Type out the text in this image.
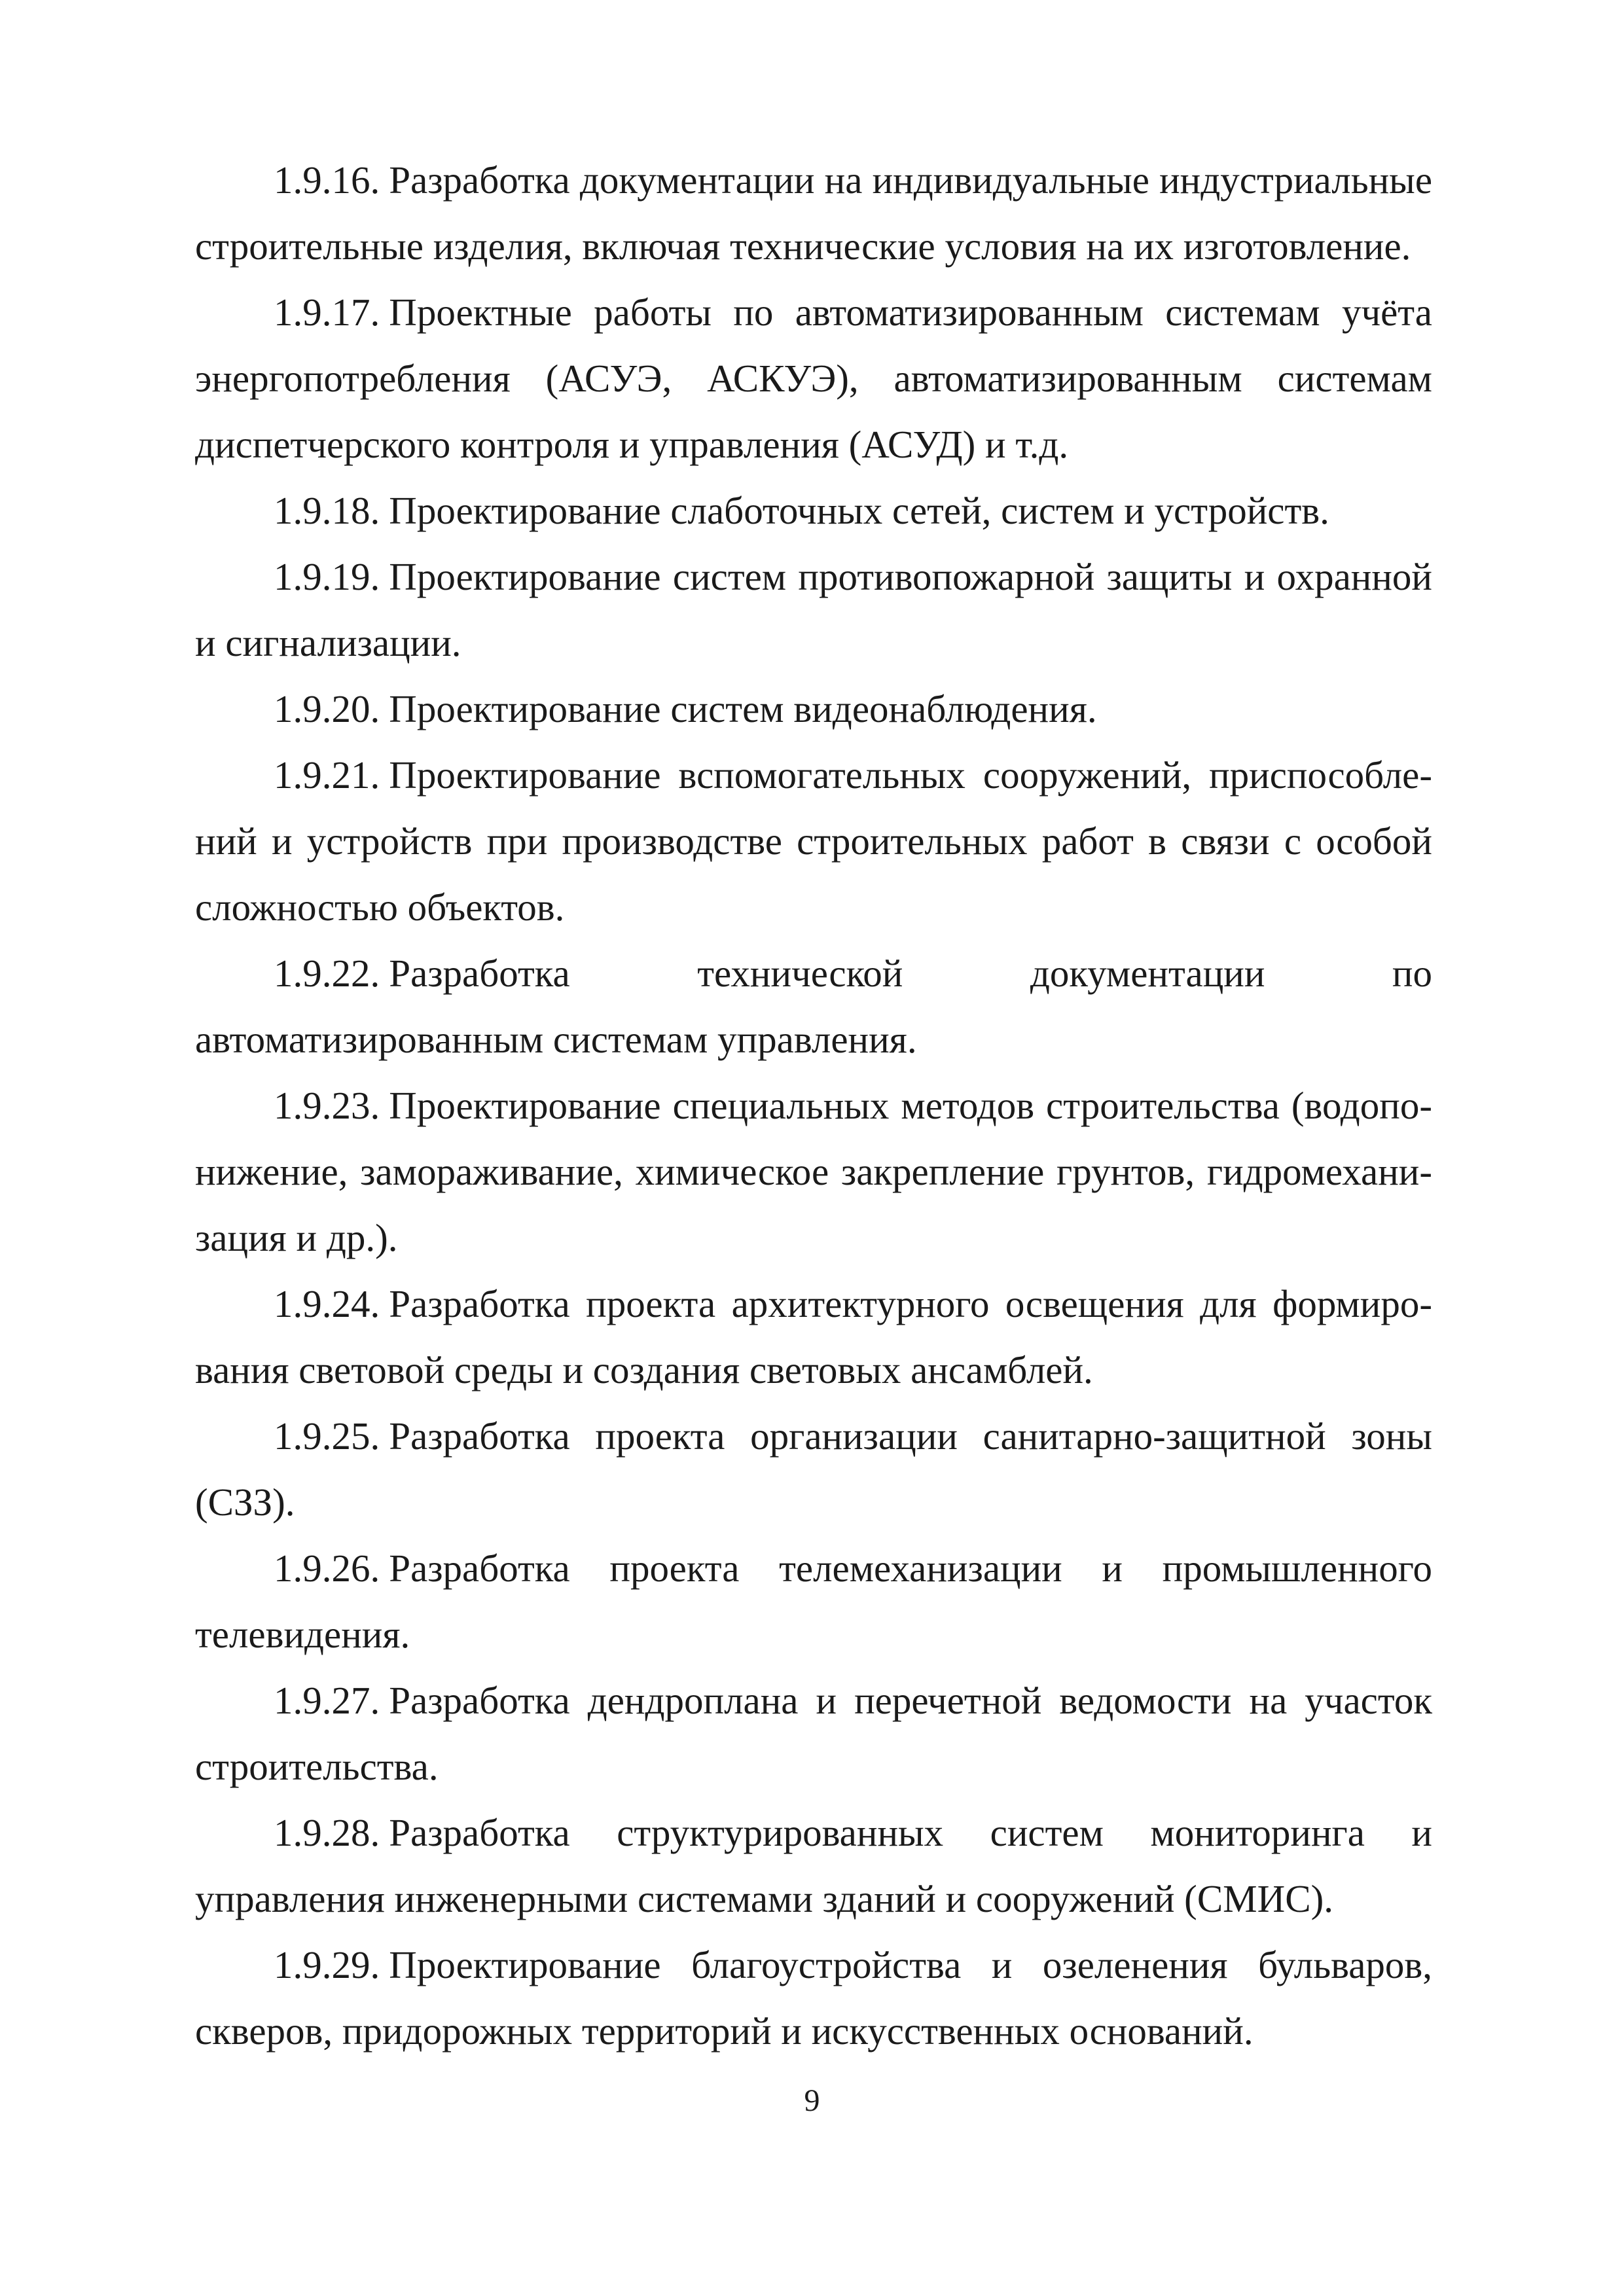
1.9.16. Разработка документации на индивидуальные индустриальные строительные изделия, включая технические условия на их изготовление.

1.9.17. Проектные работы по автоматизированным системам учёта энергопотребления (АСУЭ, АСКУЭ), автоматизированным системам диспетчерского контроля и управления (АСУД) и т.д.

1.9.18. Проектирование слаботочных сетей, систем и устройств.

1.9.19. Проектирование систем противопожарной защиты и охранной и сигнализации.

1.9.20. Проектирование систем видеонаблюдения.

1.9.21. Проектирование вспомогательных сооружений, приспособлений и устройств при производстве строительных работ в связи с особой сложностью объектов.

1.9.22. Разработка технической документации по автоматизированным системам управления.

1.9.23. Проектирование специальных методов строительства (водопонижение, замораживание, химическое закрепление грунтов, гидромеханизация и др.).

1.9.24. Разработка проекта архитектурного освещения для формирования световой среды и создания световых ансамблей.

1.9.25. Разработка проекта организации санитарно-защитной зоны (СЗЗ).

1.9.26. Разработка проекта телемеханизации и промышленного телевидения.

1.9.27. Разработка дендроплана и перечетной ведомости на участок строительства.

1.9.28. Разработка структурированных систем мониторинга и управления инженерными системами зданий и сооружений (СМИС).

1.9.29. Проектирование благоустройства и озеленения бульваров, скверов, придорожных территорий и искусственных оснований.

9
